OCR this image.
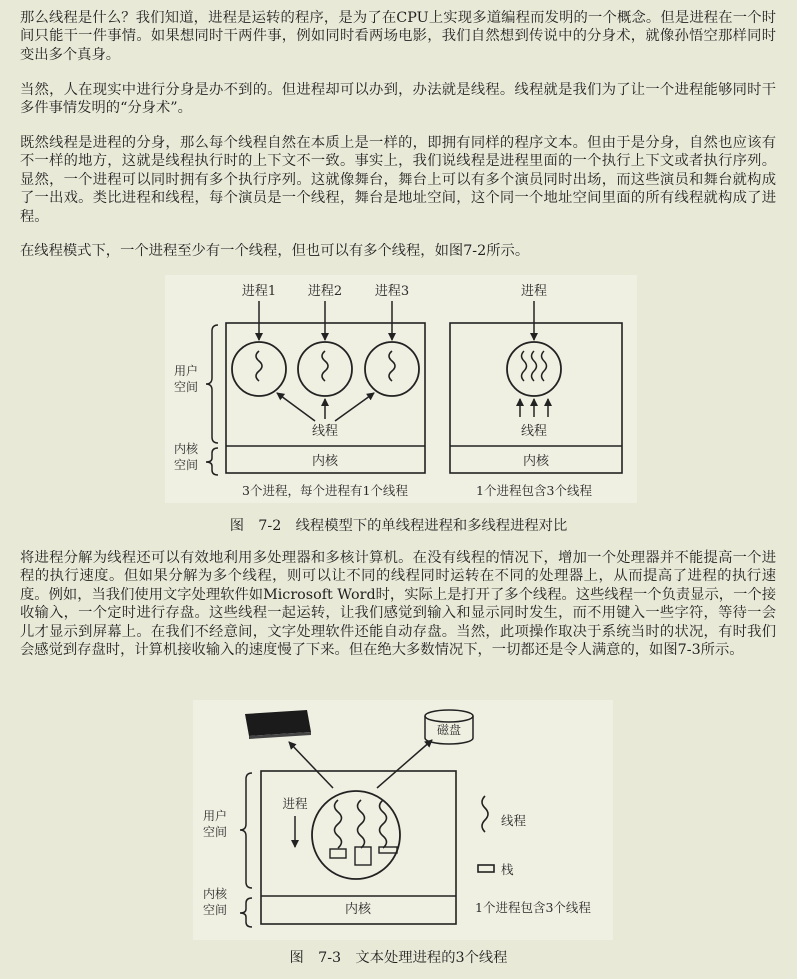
那么线程是什么？我们知道，进程是运转的程序，是为了在CPU上实现多道编程而发明的一个概念。但是进程在一个时间只能干一件事情。如果想同时干两件事，例如同时看两场电影，我们自然想到传说中的分身术，就像孙悟空那样同时变出多个真身。

当然，人在现实中进行分身是办不到的。但进程却可以办到，办法就是线程。线程就是我们为了让一个进程能够同时干多件事情发明的“分身术”。

既然线程是进程的分身，那么每个线程自然在本质上是一样的，即拥有同样的程序文本。但由于是分身，自然也应该有不一样的地方，这就是线程执行时的上下文不一致。事实上，我们说线程是进程里面的一个执行上下文或者执行序列。显然，一个进程可以同时拥有多个执行序列。这就像舞台，舞台上可以有多个演员同时出场，而这些演员和舞台就构成了一出戏。类比进程和线程，每个演员是一个线程，舞台是地址空间，这个同一个地址空间里面的所有线程就构成了进程。

在线程模式下，一个进程至少有一个线程，但也可以有多个线程，如图7-2所示。

进程1 进程2	进程3	进程
线程	线程
内核	内核
用户
空间
内核
空间
3个进程，每个进程有1个线程	1个进程包含3个线程

图　7-2　线程模型下的单线程进程和多线程进程对比

将进程分解为线程还可以有效地利用多处理器和多核计算机。在没有线程的情况下，增加一个处理器并不能提高一个进程的执行速度。但如果分解为多个线程，则可以让不同的线程同时运转在不同的处理器上，从而提高了进程的执行速度。例如，当我们使用文字处理软件如Microsoft Word时，实际上是打开了多个线程。这些线程一个负责显示，一个接收输入，一个定时进行存盘。这些线程一起运转，让我们感觉到输入和显示同时发生，而不用键入一些字符，等待一会儿才显示到屏幕上。在我们不经意间，文字处理软件还能自动存盘。当然，此项操作取决于系统当时的状况，有时我们会感觉到存盘时，计算机接收输入的速度慢了下来。但在绝大多数情况下，一切都还是令人满意的，如图7-3所示。

磁盘
进程
内核
用户
空间
内核
空间
线程
栈
1个进程包含3个线程

图　7-3　文本处理进程的3个线程
